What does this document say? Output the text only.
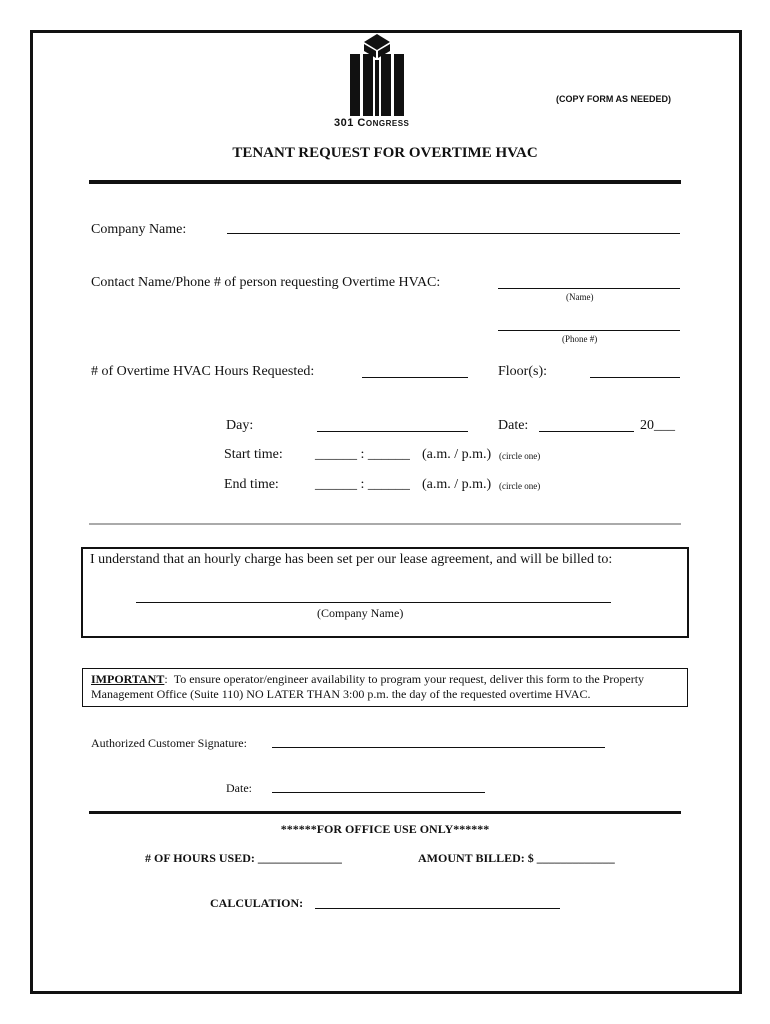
301 Congress
(COPY FORM AS NEEDED)
TENANT REQUEST FOR OVERTIME HVAC
Company Name:
Contact Name/Phone # of person requesting Overtime HVAC:
(Name)
(Phone #)
# of Overtime HVAC Hours Requested:	Floor(s):
Day:	Date:	20___
Start time: ______ : ______ (a.m. / p.m.) (circle one)
End time:	______ : ______ (a.m. / p.m.) (circle one)
I understand that an hourly charge has been set per our lease agreement, and will be billed to:
(Company Name)
IMPORTANT: To ensure operator/engineer availability to program your request, deliver this form to the Property
Management Office (Suite 110) NO LATER THAN 3:00 p.m. the day of the requested overtime HVAC.
Authorized Customer Signature:
Date:
******FOR OFFICE USE ONLY******
# OF HOURS USED: ______________	AMOUNT BILLED: $ _____________
CALCULATION:
